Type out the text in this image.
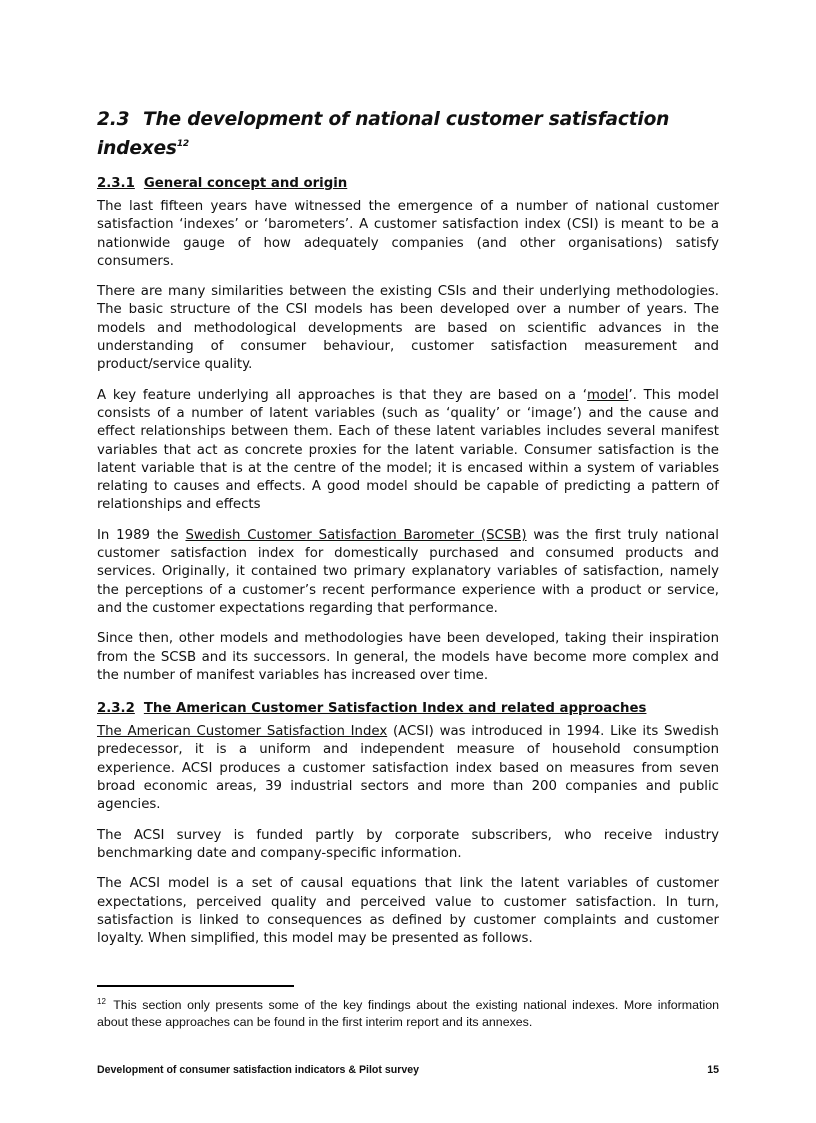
2.3 The development of national customer satisfaction indexes$^{12}$
2.3.1 General concept and origin

The last fifteen years have witnessed the emergence of a number of national customer satisfaction ‘indexes’ or ‘barometers’. A customer satisfaction index (CSI) is meant to be a nationwide gauge of how adequately companies (and other organisations) satisfy consumers.

There are many similarities between the existing CSIs and their underlying methodologies. The basic structure of the CSI models has been developed over a number of years. The models and methodological developments are based on scientific advances in the understanding of consumer behaviour, customer satisfaction measurement and product/service quality.

A key feature underlying all approaches is that they are based on a ‘model’. This model consists of a number of latent variables (such as ‘quality’ or ‘image’) and the cause and effect relationships between them. Each of these latent variables includes several manifest variables that act as concrete proxies for the latent variable. Consumer satisfaction is the latent variable that is at the centre of the model; it is encased within a system of variables relating to causes and effects. A good model should be capable of predicting a pattern of relationships and effects

In 1989 the Swedish Customer Satisfaction Barometer (SCSB) was the first truly national customer satisfaction index for domestically purchased and consumed products and services. Originally, it contained two primary explanatory variables of satisfaction, namely the perceptions of a customer’s recent performance experience with a product or service, and the customer expectations regarding that performance.

Since then, other models and methodologies have been developed, taking their inspiration from the SCSB and its successors. In general, the models have become more complex and the number of manifest variables has increased over time.

2.3.2 The American Customer Satisfaction Index and related approaches

The American Customer Satisfaction Index (ACSI) was introduced in 1994. Like its Swedish predecessor, it is a uniform and independent measure of household consumption experience. ACSI produces a customer satisfaction index based on measures from seven broad economic areas, 39 industrial sectors and more than 200 companies and public agencies.

The ACSI survey is funded partly by corporate subscribers, who receive industry benchmarking date and company-specific information.

The ACSI model is a set of causal equations that link the latent variables of customer expectations, perceived quality and perceived value to customer satisfaction. In turn, satisfaction is linked to consequences as defined by customer complaints and customer loyalty. When simplified, this model may be presented as follows.

$^{12}$ This section only presents some of the key findings about the existing national indexes. More information about these approaches can be found in the first interim report and its annexes.
Development of consumer satisfaction indicators & Pilot survey	15
